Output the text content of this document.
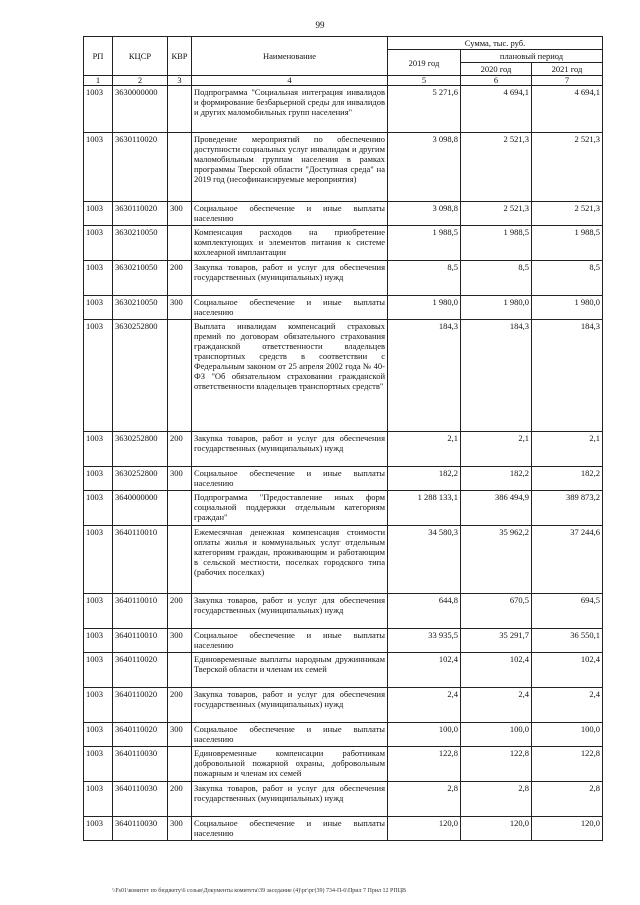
99
РП	КЦСР	КВР	Наименование	Сумма, тыс. руб.		
				2019 год	плановый период	
					2020 год	2021 год
1	2	3	4	5	6	7
1003	3630000000		Подпрограмма "Социальная интеграция инвалидов и формирование безбарьерной среды для инвалидов и других маломобильных групп населения"	5 271,6	4 694,1	4 694,1
1003	3630110020		Проведение мероприятий по обеспечению доступности социальных услуг инвалидам и другим маломобильным группам населения в рамках программы Тверской области "Доступная среда" на 2019 год (несофинансируемые мероприятия)	3 098,8	2 521,3	2 521,3
1003	3630110020	300	Социальное обеспечение и иные выплаты населению	3 098,8	2 521,3	2 521,3
1003	3630210050		Компенсация расходов на приобретение комплектующих и элементов питания к системе кохлеарной имплантации	1 988,5	1 988,5	1 988,5
1003	3630210050	200	Закупка товаров, работ и услуг для обеспечения государственных (муниципальных) нужд	8,5	8,5	8,5
1003	3630210050	300	Социальное обеспечение и иные выплаты населению	1 980,0	1 980,0	1 980,0
1003	3630252800		Выплата инвалидам компенсаций страховых премий по договорам обязательного страхования гражданской ответственности владельцев транспортных средств в соответствии с Федеральным законом от 25 апреля 2002 года № 40-ФЗ "Об обязательном страховании гражданской ответственности владельцев транспортных средств"	184,3	184,3	184,3
1003	3630252800	200	Закупка товаров, работ и услуг для обеспечения государственных (муниципальных) нужд	2,1	2,1	2,1
1003	3630252800	300	Социальное обеспечение и иные выплаты населению	182,2	182,2	182,2
1003	3640000000		Подпрограмма "Предоставление иных форм социальной поддержки отдельным категориям граждан"	1 288 133,1	386 494,9	389 873,2
1003	3640110010		Ежемесячная денежная компенсация стоимости оплаты жилья и коммунальных услуг отдельным категориям граждан, проживающим и работающим в сельской местности, поселках городского типа (рабочих поселках)	34 580,3	35 962,2	37 244,6
1003	3640110010	200	Закупка товаров, работ и услуг для обеспечения государственных (муниципальных) нужд	644,8	670,5	694,5
1003	3640110010	300	Социальное обеспечение и иные выплаты населению	33 935,5	35 291,7	36 550,1
1003	3640110020		Единовременные выплаты народным дружинникам Тверской области и членам их семей	102,4	102,4	102,4
1003	3640110020	200	Закупка товаров, работ и услуг для обеспечения государственных (муниципальных) нужд	2,4	2,4	2,4
1003	3640110020	300	Социальное обеспечение и иные выплаты населению	100,0	100,0	100,0
1003	3640110030		Единовременные компенсации работникам добровольной пожарной охраны, добровольным пожарным и членам их семей	122,8	122,8	122,8
1003	3640110030	200	Закупка товаров, работ и услуг для обеспечения государственных (муниципальных) нужд	2,8	2,8	2,8
1003	3640110030	300	Социальное обеспечение и иные выплаты населению	120,0	120,0	120,0
\\Fs01\комитет по бюджету\6 созыв\Документы комитета\39 заседание (4)\рг\рг(39) 734-П-6\Прил 7 Прил 12 РПЦВ
